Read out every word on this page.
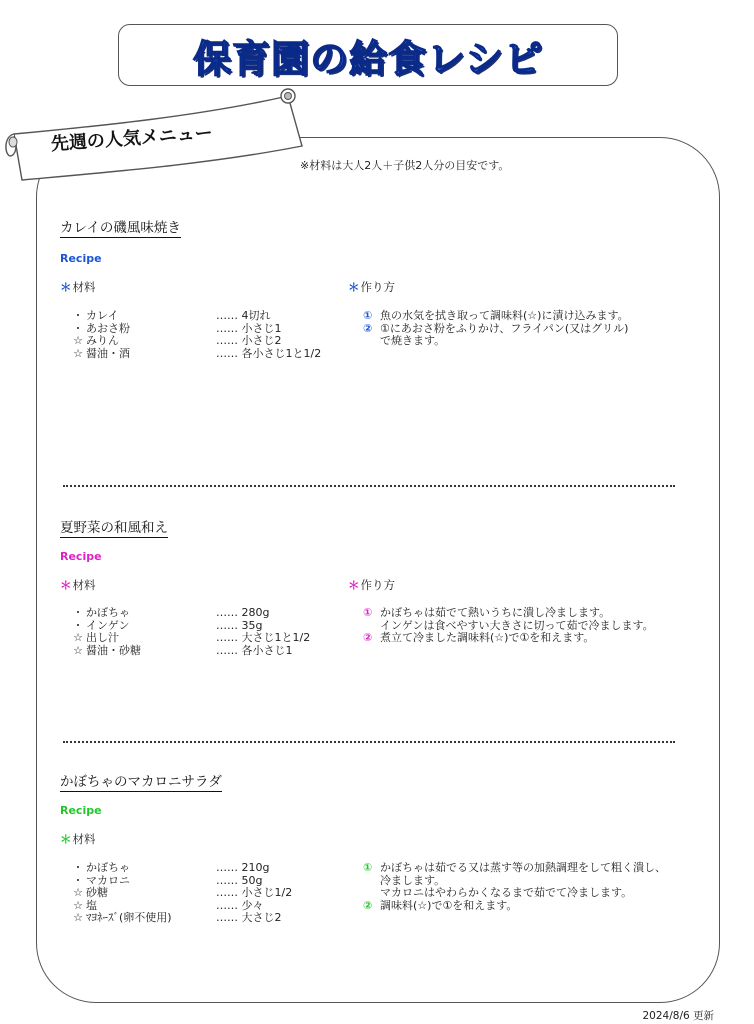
保育園の給食レシピ
先週の人気メニュー
※材料は大人2人＋子供2人分の目安です。
カレイの磯風味焼き
Recipe
＊材料	＊作り方
・ カレイ	‥‥‥ 4切れ
・ あおさ粉	‥‥‥ 小さじ1
☆ みりん	‥‥‥ 小さじ2
☆ 醤油・酒	‥‥‥ 各小さじ1と1/2
① 魚の水気を拭き取って調味料(☆)に漬け込みます。
② ①にあおさ粉をふりかけ、フライパン(又はグリル)
で焼きます。
夏野菜の和風和え
Recipe
＊材料	＊作り方
・ かぼちゃ	‥‥‥ 280g
・ インゲン	‥‥‥ 35g
☆ 出し汁	‥‥‥ 大さじ1と1/2
☆ 醤油・砂糖	‥‥‥ 各小さじ1
① かぼちゃは茹でて熱いうちに潰し冷まします。
インゲンは食べやすい大きさに切って茹で冷まします。
② 煮立て冷ました調味料(☆)で①を和えます。
かぼちゃのマカロニサラダ
Recipe
＊材料
・ かぼちゃ	‥‥‥ 210g
・ マカロニ	‥‥‥ 50g
☆ 砂糖	‥‥‥ 小さじ1/2
☆ 塩	‥‥‥ 少々
☆ ﾏﾖﾈｰｽﾞ(卵不使用)	‥‥‥ 大さじ2
① かぼちゃは茹でる又は蒸す等の加熱調理をして粗く潰し、
冷まします。
マカロニはやわらかくなるまで茹でて冷まします。
② 調味料(☆)で①を和えます。
2024/8/6 更新
